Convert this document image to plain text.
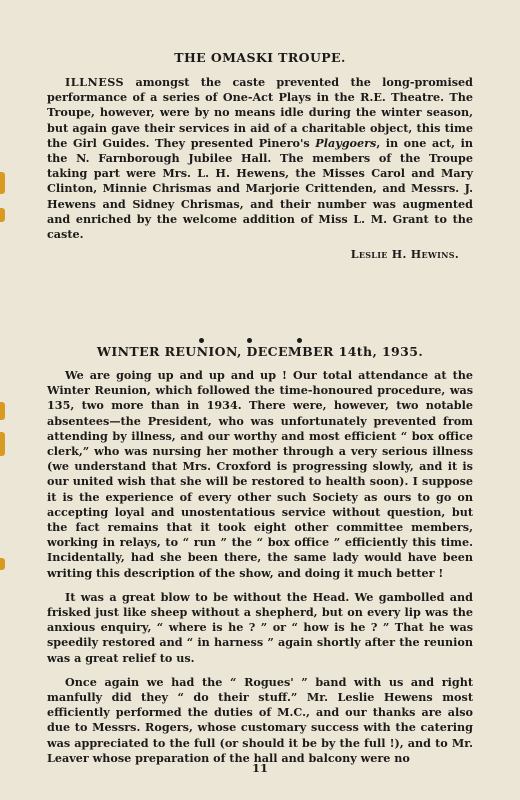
THE OMASKI TROUPE.

ILLNESS amongst the caste prevented the long-promised performance of a series of One-Act Plays in the R.E. Theatre. The Troupe, however, were by no means idle during the winter season, but again gave their services in aid of a charitable object, this time the Girl Guides. They presented Pinero's Playgoers, in one act, in the N. Farnborough Jubilee Hall. The members of the Troupe taking part were Mrs. L. H. Hewens, the Misses Carol and Mary Clinton, Minnie Chrismas and Marjorie Crittenden, and Messrs. J. Hewens and Sidney Chrismas, and their number was augmented and enriched by the welcome addition of Miss L. M. Grant to the caste.

Leslie H. Hewins.
WINTER REUNION, DECEMBER 14th, 1935.

We are going up and up and up ! Our total attendance at the Winter Reunion, which followed the time-honoured procedure, was 135, two more than in 1934. There were, however, two notable absentees—the President, who was unfortunately prevented from attending by illness, and our worthy and most efficient “ box office clerk,” who was nursing her mother through a very serious illness (we understand that Mrs. Croxford is progressing slowly, and it is our united wish that she will be restored to health soon). I suppose it is the experience of every other such Society as ours to go on accepting loyal and unostentatious service without question, but the fact remains that it took eight other committee members, working in relays, to “ run ” the “ box office ” efficiently this time. Incidentally, had she been there, the same lady would have been writing this description of the show, and doing it much better !

It was a great blow to be without the Head. We gambolled and frisked just like sheep without a shepherd, but on every lip was the anxious enquiry, “ where is he ? ” or “ how is he ? ” That he was speedily restored and “ in harness ” again shortly after the reunion was a great relief to us.

Once again we had the “ Rogues' ” band with us and right manfully did they “ do their stuff.” Mr. Leslie Hewens most efficiently performed the duties of M.C., and our thanks are also due to Messrs. Rogers, whose customary success with the catering was appreciated to the full (or should it be by the full !), and to Mr. Leaver whose preparation of the hall and balcony were no

11
